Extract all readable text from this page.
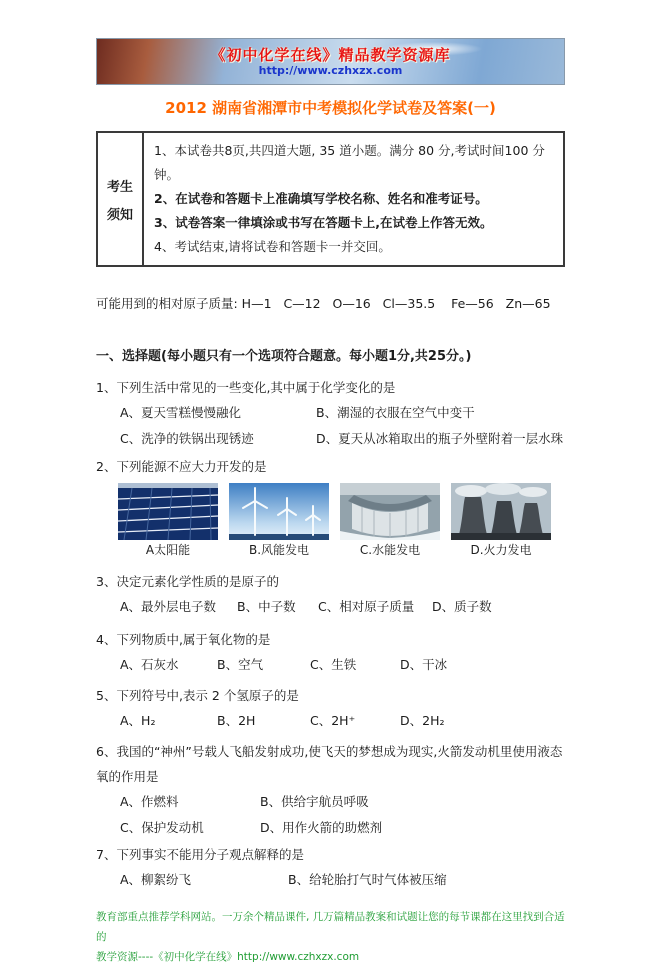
《初中化学在线》精品教学资源库
http://www.czhxzx.com
2012 湖南省湘潭市中考模拟化学试卷及答案(一)
考生
须知
1、本试卷共8页,共四道大题, 35 道小题。满分 80 分,考试时间100 分钟。
2、在试卷和答题卡上准确填写学校名称、姓名和准考证号。
3、试卷答案一律填涂或书写在答题卡上,在试卷上作答无效。
4、考试结束,请将试卷和答题卡一并交回。
可能用到的相对原子质量: H—1   C—12   O—16   Cl—35.5    Fe—56   Zn—65
一、选择题(每小题只有一个选项符合题意。每小题1分,共25分。)
1、下列生活中常见的一些变化,其中属于化学变化的是
A、夏天雪糕慢慢融化	B、潮湿的衣服在空气中变干
C、洗净的铁锅出现锈迹	D、夏天从冰箱取出的瓶子外壁附着一层水珠
2、下列能源不应大力开发的是
A太阳能	B.风能发电	C.水能发电	D.火力发电
3、决定元素化学性质的是原子的
A、最外层电子数	B、中子数	C、相对原子质量	D、质子数
4、下列物质中,属于氧化物的是
A、石灰水	B、空气	C、生铁	D、干冰
5、下列符号中,表示 2 个氢原子的是
A、H₂	B、2H	C、2H⁺	D、2H₂
6、我国的“神州”号载人飞船发射成功,使飞天的梦想成为现实,火箭发动机里使用液态氧的作用是
A、作燃料	B、供给宇航员呼吸
C、保护发动机	D、用作火箭的助燃剂
7、下列事实不能用分子观点解释的是
A、柳絮纷飞	B、给轮胎打气时气体被压缩
教育部重点推荐学科网站。一万余个精品课件, 几万篇精品教案和试题让您的每节课都在这里找到合适的
教学资源----《初中化学在线》http://www.czhxzx.com
